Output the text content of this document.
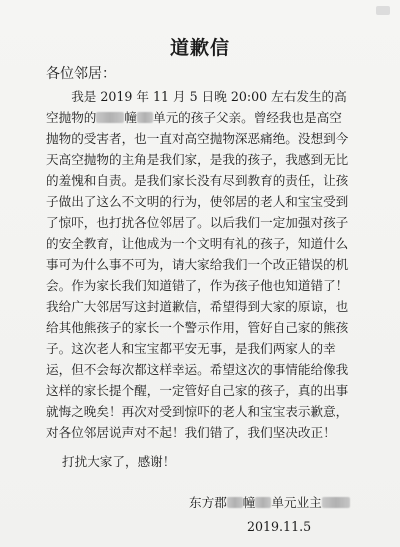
道歉信
各位邻居：

我是 2019 年 11 月 5 日晚 20:00 左右发生的高空抛物的 幢 单元的孩子父亲。曾经我也是高空抛物的受害者，也一直对高空抛物深恶痛绝。没想到今天高空抛物的主角是我们家，是我的孩子，我感到无比的羞愧和自责。是我们家长没有尽到教育的责任，让孩子做出了这么不文明的行为，使邻居的老人和宝宝受到了惊吓，也打扰各位邻居了。以后我们一定加强对孩子的安全教育，让他成为一个文明有礼的孩子，知道什么事可为什么事不可为，请大家给我们一个改正错误的机会。作为家长我们知道错了，作为孩子他也知道错了！我给广大邻居写这封道歉信，希望得到大家的原谅，也给其他熊孩子的家长一个警示作用，管好自己家的熊孩子。这次老人和宝宝都平安无事，是我们两家人的幸运，但不会每次都这样幸运。希望这次的事情能给像我这样的家长提个醒，一定管好自己家的孩子，真的出事就悔之晚矣！再次对受到惊吓的老人和宝宝表示歉意，对各位邻居说声对不起！我们错了，我们坚决改正！

打扰大家了，感谢！
东方郡 幢 单元业主
2019.11.5
